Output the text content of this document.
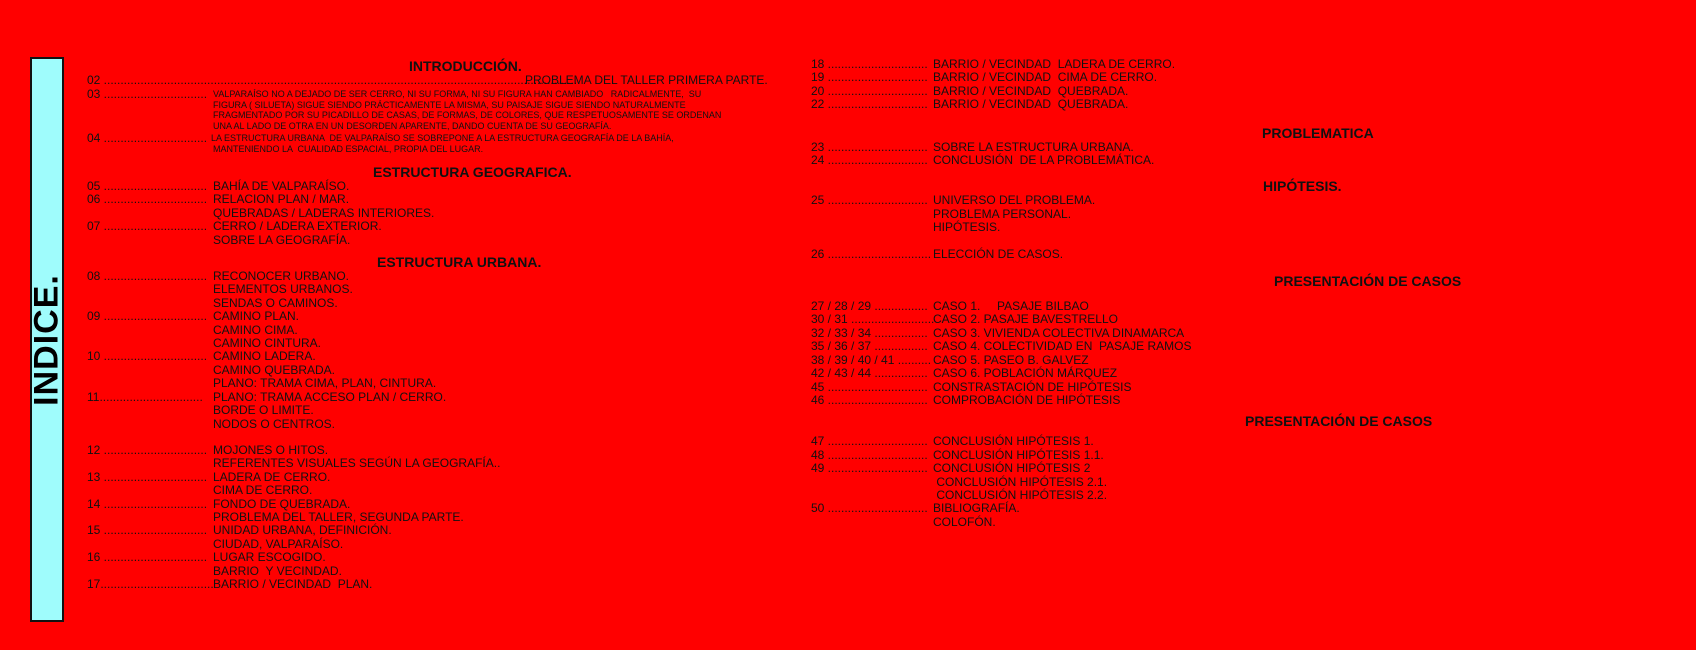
INDICE.
INTRODUCCIÓN.
02 ...............................................................................................................................................
PROBLEMA DEL TALLER PRIMERA PARTE.
03 ............................... VALPARAÍSO NO A DEJADO DE SER CERRO, NI SU FORMA, NI SU FIGURA HAN CAMBIADO   RADICALMENTE,  SU
FIGURA ( SILUETA) SIGUE SIENDO PRÁCTICAMENTE LA MISMA, SU PAISAJE SIGUE SIENDO NATURALMENTE
FRAGMENTADO POR SU PICADILLO DE CASAS, DE FORMAS, DE COLORES, QUE RESPETUOSAMENTE SE ORDENAN
UNA AL LADO DE OTRA EN UN DESORDEN APARENTE, DANDO CUENTA DE SU GEOGRAFÍA.
04 ............................... LA ESTRUCTURA URBANA  DE VALPARAÍSO SE SOBREPONE A LA ESTRUCTURA GEOGRAFÍA DE LA BAHÍA,
MANTENIENDO LA  CUALIDAD ESPACIAL, PROPIA DEL LUGAR.
ESTRUCTURA GEOGRAFICA.
05 ............................... BAHÍA DE VALPARAÍSO.
06 ............................... RELACION PLAN / MAR.
QUEBRADAS / LADERAS INTERIORES.
07 ............................... CERRO / LADERA EXTERIOR.
SOBRE LA GEOGRAFÍA.
ESTRUCTURA URBANA.
08 ............................... RECONOCER URBANO.
ELEMENTOS URBANOS.
SENDAS O CAMINOS.
09 ............................... CAMINO PLAN.
CAMINO CIMA.
CAMINO CINTURA.
10 ............................... CAMINO LADERA.
CAMINO QUEBRADA.
PLANO: TRAMA CIMA, PLAN, CINTURA.
11............................... PLANO: TRAMA ACCESO PLAN / CERRO.
BORDE O LIMITE.
NODOS O CENTROS.
12 ............................... MOJONES O HITOS.
REFERENTES VISUALES SEGÚN LA GEOGRAFÍA..
13 ............................... LADERA DE CERRO.
CIMA DE CERRO.
14 ............................... FONDO DE QUEBRADA.
PROBLEMA DEL TALLER, SEGUNDA PARTE.
15 ............................... UNIDAD URBANA, DEFINICIÓN.
CIUDAD, VALPARAÍSO.
16 ............................... LUGAR ESCOGIDO.
BARRIO  Y VECINDAD.
17.................................. BARRIO / VECINDAD  PLAN.
18 .............................. BARRIO / VECINDAD  LADERA DE CERRO.
19 .............................. BARRIO / VECINDAD  CIMA DE CERRO.
20 .............................. BARRIO / VECINDAD  QUEBRADA.
22 .............................. BARRIO / VECINDAD  QUEBRADA.
PROBLEMATICA
23 .............................. SOBRE LA ESTRUCTURA URBANA.
24 .............................. CONCLUSIÓN  DE LA PROBLEMÁTICA.
HIPÓTESIS.
25 .............................. UNIVERSO DEL PROBLEMA.
PROBLEMA PERSONAL.
HIPÓTESIS.
26 ............................... ELECCIÓN DE CASOS.
PRESENTACIÓN DE CASOS
27 / 28 / 29 ................ CASO 1.     PASAJE BILBAO
30 / 31 .........................
CASO 2. PASAJE BAVESTRELLO
32 / 33 / 34 ................ CASO 3. VIVIENDA COLECTIVA DINAMARCA
35 / 36 / 37 ................ CASO 4. COLECTIVIDAD EN  PASAJE RAMOS
38 / 39 / 40 / 41 .......... CASO 5. PASEO B. GALVEZ
42 / 43 / 44 ................ CASO 6. POBLACIÓN MÁRQUEZ
45 .............................. CONSTRASTACIÓN DE HIPÓTESIS
46 .............................. COMPROBACIÓN DE HIPÓTESIS
PRESENTACIÓN DE CASOS
47 .............................. CONCLUSIÓN HIPÓTESIS 1.
48 .............................. CONCLUSIÓN HIPÓTESIS 1.1.
49 .............................. CONCLUSIÓN HIPÓTESIS 2
CONCLUSIÓN HIPÓTESIS 2.1.
CONCLUSIÓN HIPÓTESIS 2.2.
50 .............................. BIBLIOGRAFÍA.
COLOFÓN.
